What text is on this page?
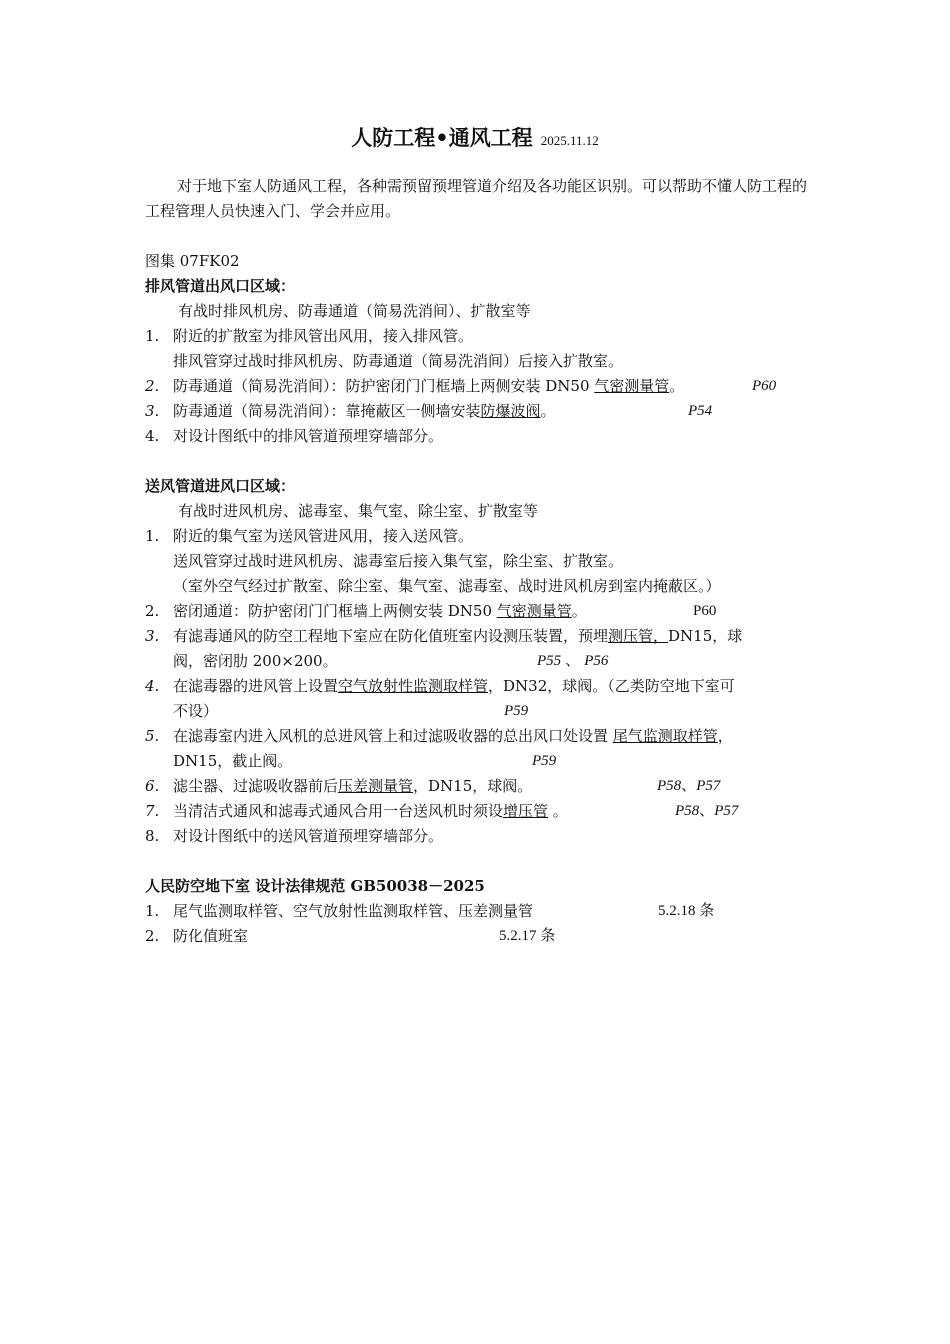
人防工程•通风工程 2025.11.12
对于地下室人防通风工程，各种需预留预埋管道介绍及各功能区识别。可以帮助不懂人防工程的工程管理人员快速入门、学会并应用。
图集 07FK02
排风管道出风口区域：
有战时排风机房、防毒通道（简易洗消间）、扩散室等
1. 附近的扩散室为排风管出风用，接入排风管。
排风管穿过战时排风机房、防毒通道（简易洗消间）后接入扩散室。
2. 防毒通道（简易洗消间）：防护密闭门门框墙上两侧安装 DN50 气密测量管。	P60
3. 防毒通道（简易洗消间）：靠掩蔽区一侧墙安装防爆波阀。	P54
4. 对设计图纸中的排风管道预埋穿墙部分。
送风管道进风口区域：
有战时进风机房、滤毒室、集气室、除尘室、扩散室等
1. 附近的集气室为送风管进风用，接入送风管。
送风管穿过战时进风机房、滤毒室后接入集气室，除尘室、扩散室。
（室外空气经过扩散室、除尘室、集气室、滤毒室、战时进风机房到室内掩蔽区。）
2. 密闭通道：防护密闭门门框墙上两侧安装 DN50 气密测量管。	P60
3. 有滤毒通风的防空工程地下室应在防化值班室内设测压装置，预埋测压管，DN15，球
阀，密闭肋 200×200。	P55 、 P56
4. 在滤毒器的进风管上设置空气放射性监测取样管，DN32，球阀。（乙类防空地下室可
不设）	P59
5. 在滤毒室内进入风机的总进风管上和过滤吸收器的总出风口处设置 尾气监测取样管，
DN15，截止阀。	P59
6. 滤尘器、过滤吸收器前后压差测量管，DN15，球阀。	P58、P57
7. 当清洁式通风和滤毒式通风合用一台送风机时须设增压管 。	P58、P57
8. 对设计图纸中的送风管道预埋穿墙部分。
人民防空地下室 设计法律规范 GB50038－2025
1. 尾气监测取样管、空气放射性监测取样管、压差测量管	5.2.18 条
2. 防化值班室	5.2.17 条
